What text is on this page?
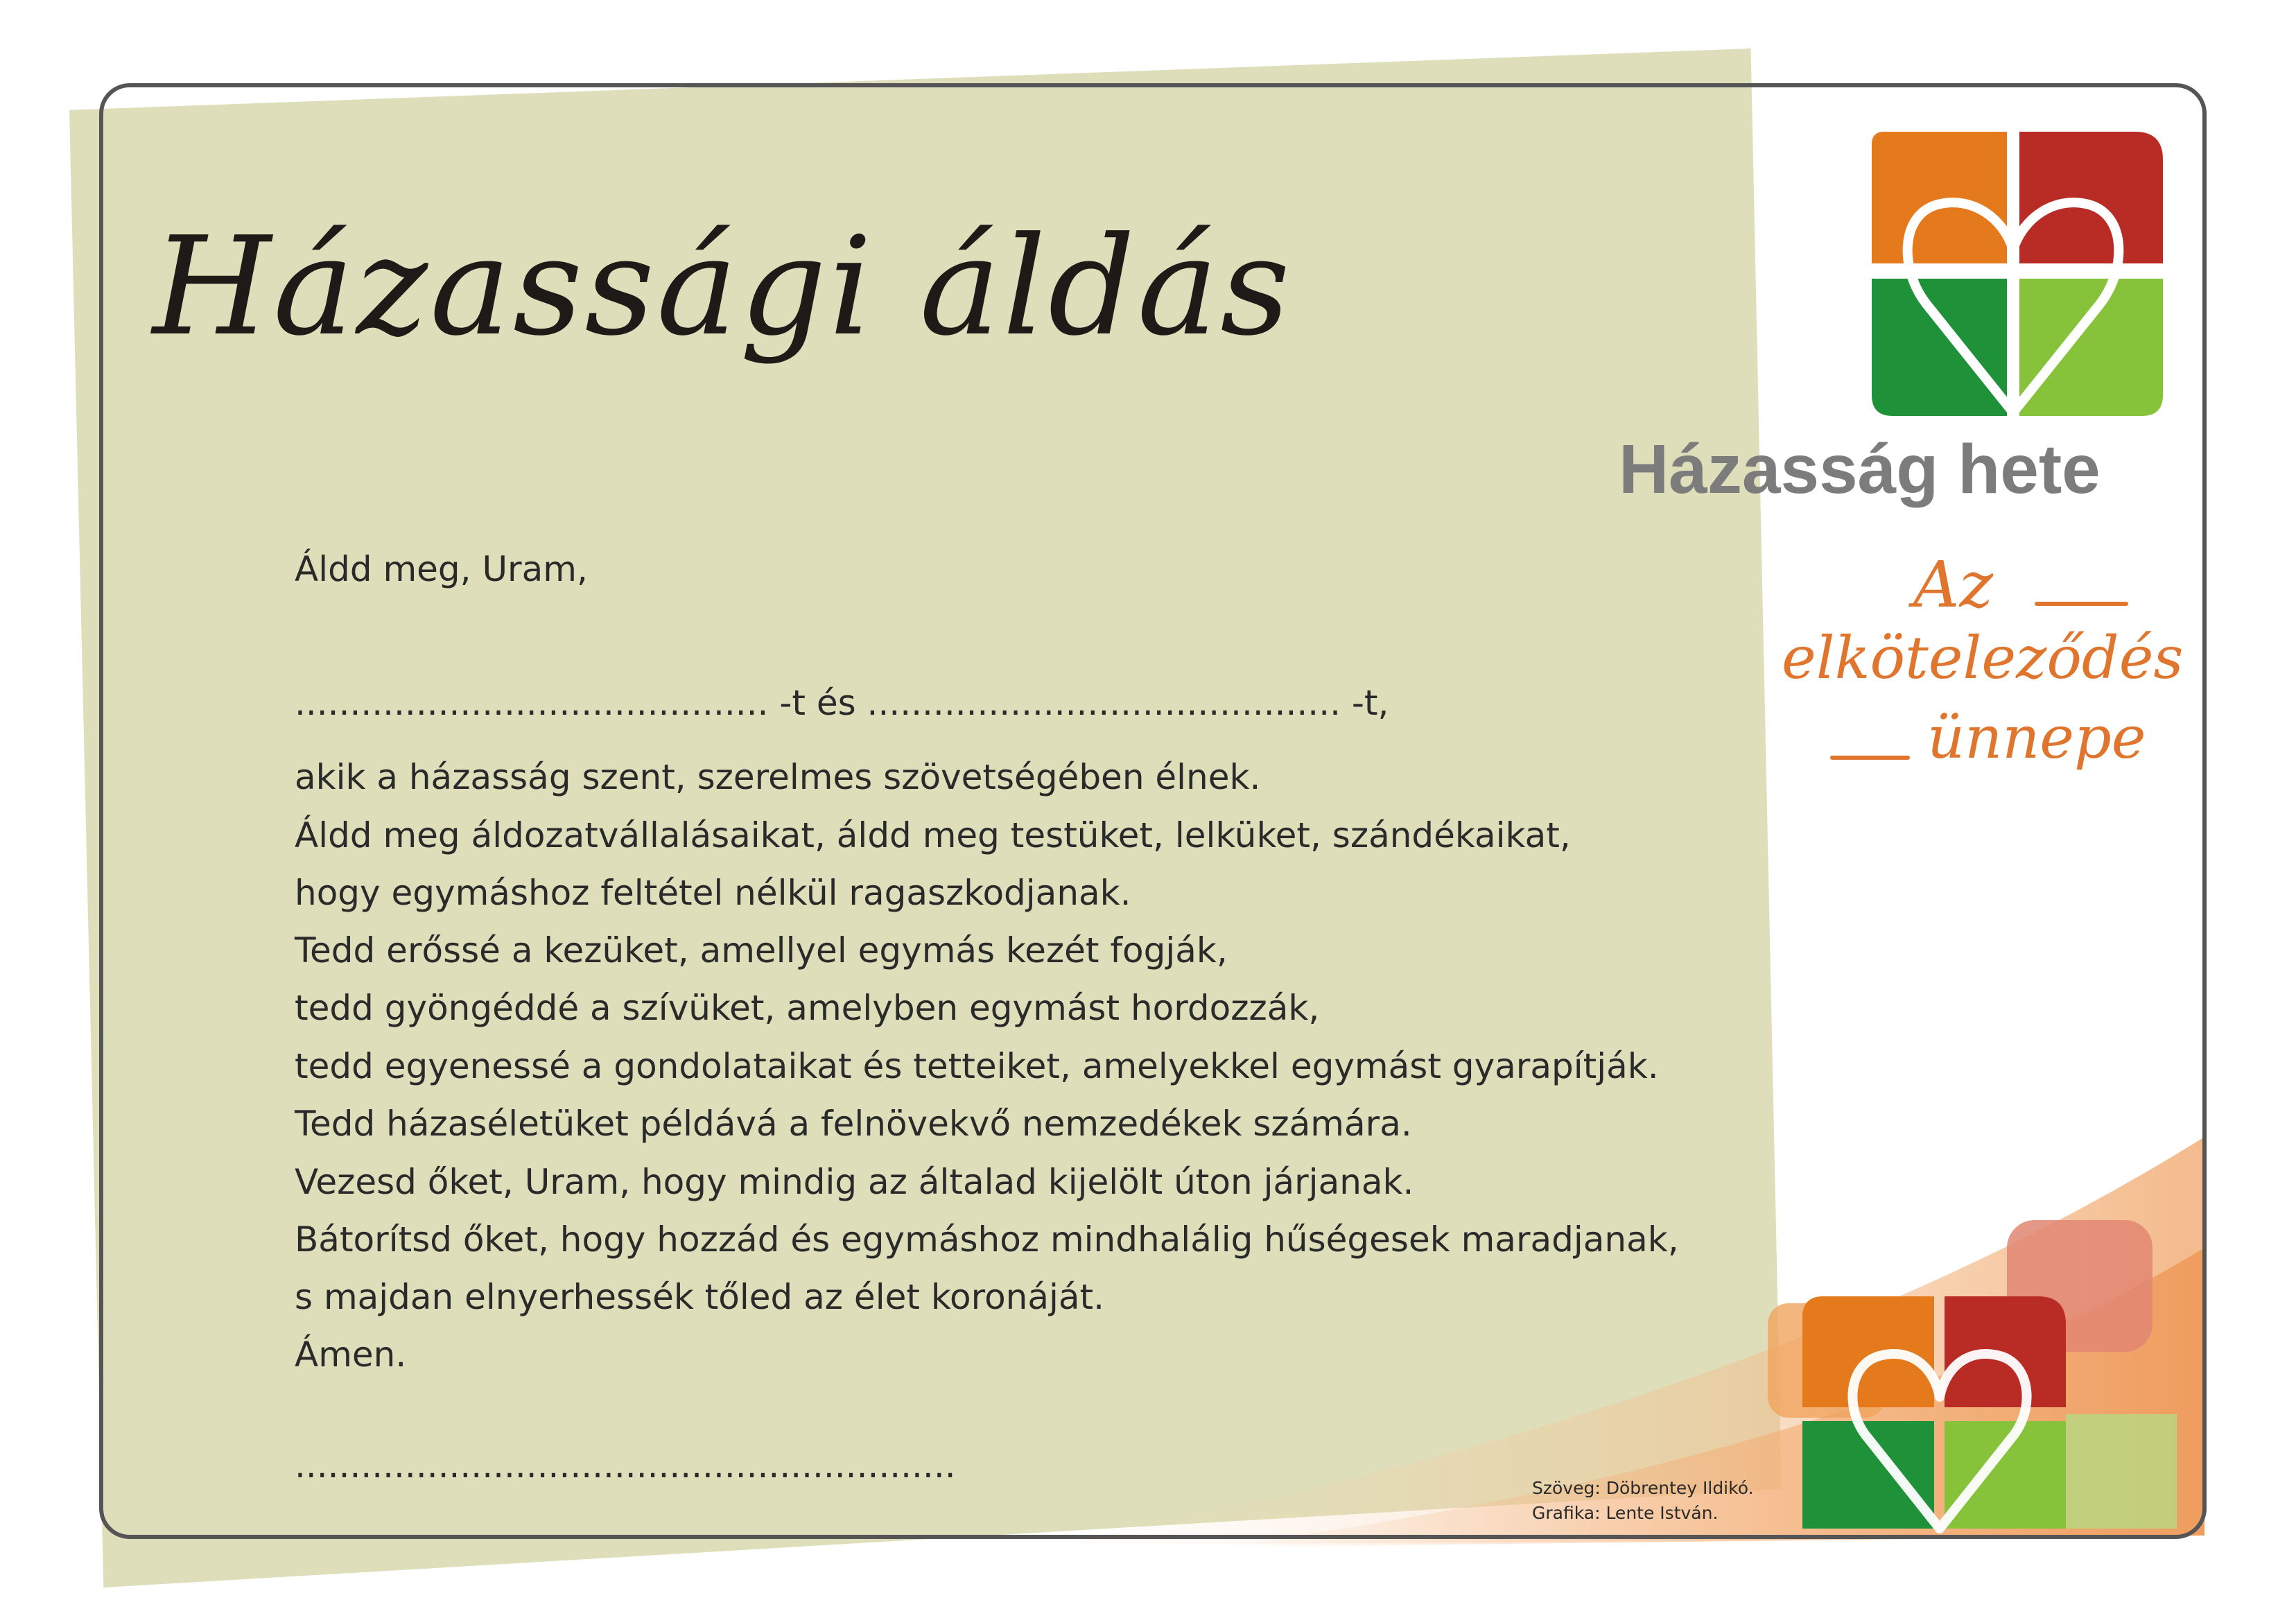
Házassági áldás
Áldd meg, Uram,
........................................... -t és ........................................... -t,
akik a házasság szent, szerelmes szövetségében élnek.
Áldd meg áldozatvállalásaikat, áldd meg testüket, lelküket, szándékaikat,
hogy egymáshoz feltétel nélkül ragaszkodjanak.
Tedd erőssé a kezüket, amellyel egymás kezét fogják,
tedd gyöngéddé a szívüket, amelyben egymást hordozzák,
tedd egyenessé a gondolataikat és tetteiket, amelyekkel egymást gyarapítják.
Tedd házaséletüket példává a felnövekvő nemzedékek számára.
Vezesd őket, Uram, hogy mindig az általad kijelölt úton járjanak.
Bátorítsd őket, hogy hozzád és egymáshoz mindhalálig hűségesek maradjanak,
s majdan elnyerhessék tőled az élet koronáját.
Ámen.
............................................................
Házasság hete
Az
elköteleződés
ünnepe
Szöveg: Döbrentey Ildikó.
Grafika: Lente István.
